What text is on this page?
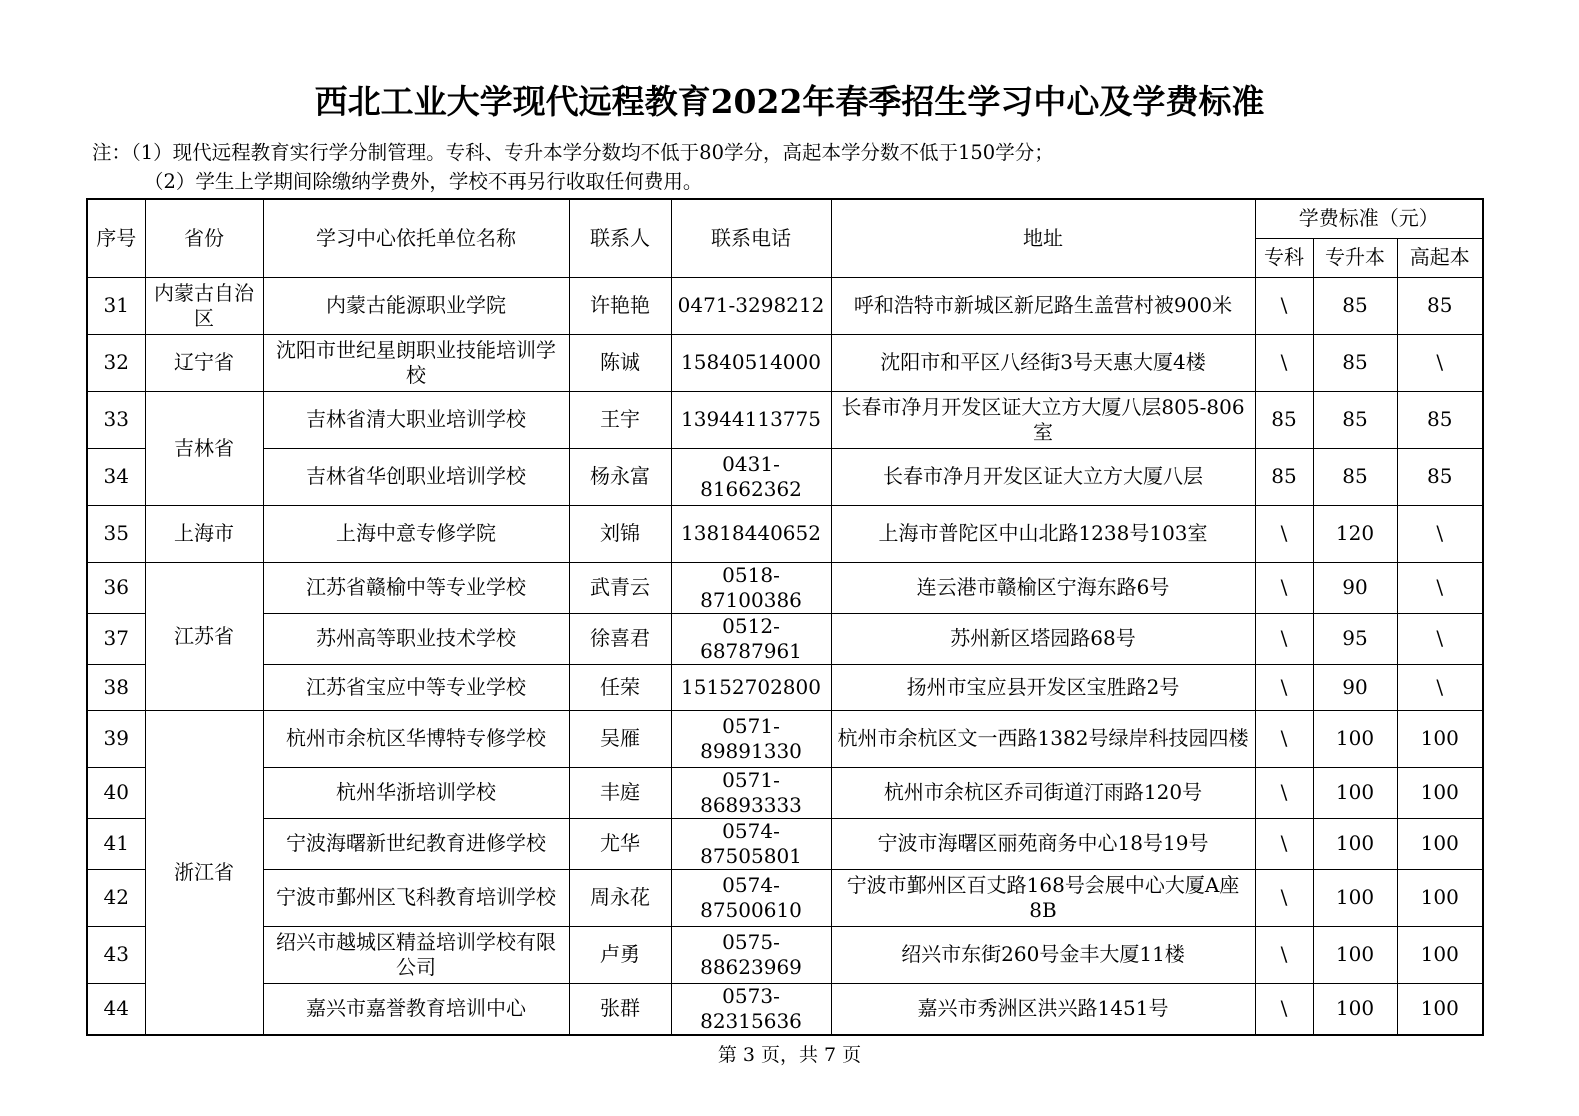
西北工业大学现代远程教育2022年春季招生学习中心及学费标准
注：（1）现代远程教育实行学分制管理。专科、专升本学分数均不低于80学分，高起本学分数不低于150学分；
（2）学生上学期间除缴纳学费外，学校不再另行收取任何费用。
序号	省份	学习中心依托单位名称	联系人	联系电话	地址	学费标准（元）		
						专科	专升本	高起本
31	内蒙古自治区	内蒙古能源职业学院	许艳艳	0471-3298212	呼和浩特市新城区新尼路生盖营村被900米	\	85	85
32	辽宁省	沈阳市世纪星朗职业技能培训学校	陈诚	15840514000	沈阳市和平区八经街3号天惠大厦4楼	\	85	\
33	吉林省	吉林省清大职业培训学校	王宇	13944113775	长春市净月开发区证大立方大厦八层805-806室	85	85	85
34		吉林省华创职业培训学校	杨永富	0431-81662362	长春市净月开发区证大立方大厦八层	85	85	85
35	上海市	上海中意专修学院	刘锦	13818440652	上海市普陀区中山北路1238号103室	\	120	\
36	江苏省	江苏省赣榆中等专业学校	武青云	0518-87100386	连云港市赣榆区宁海东路6号	\	90	\
37		苏州高等职业技术学校	徐喜君	0512-68787961	苏州新区塔园路68号	\	95	\
38		江苏省宝应中等专业学校	任荣	15152702800	扬州市宝应县开发区宝胜路2号	\	90	\
39	浙江省	杭州市余杭区华博特专修学校	吴雁	0571-89891330	杭州市余杭区文一西路1382号绿岸科技园四楼	\	100	100
40		杭州华浙培训学校	丰庭	0571-86893333	杭州市余杭区乔司街道汀雨路120号	\	100	100
41		宁波海曙新世纪教育进修学校	尤华	0574-87505801	宁波市海曙区丽苑商务中心18号19号	\	100	100
42		宁波市鄞州区飞科教育培训学校	周永花	0574-87500610	宁波市鄞州区百丈路168号会展中心大厦A座8B	\	100	100
43		绍兴市越城区精益培训学校有限公司	卢勇	0575-88623969	绍兴市东街260号金丰大厦11楼	\	100	100
44		嘉兴市嘉誉教育培训中心	张群	0573-82315636	嘉兴市秀洲区洪兴路1451号	\	100	100
第 3 页，共 7 页
